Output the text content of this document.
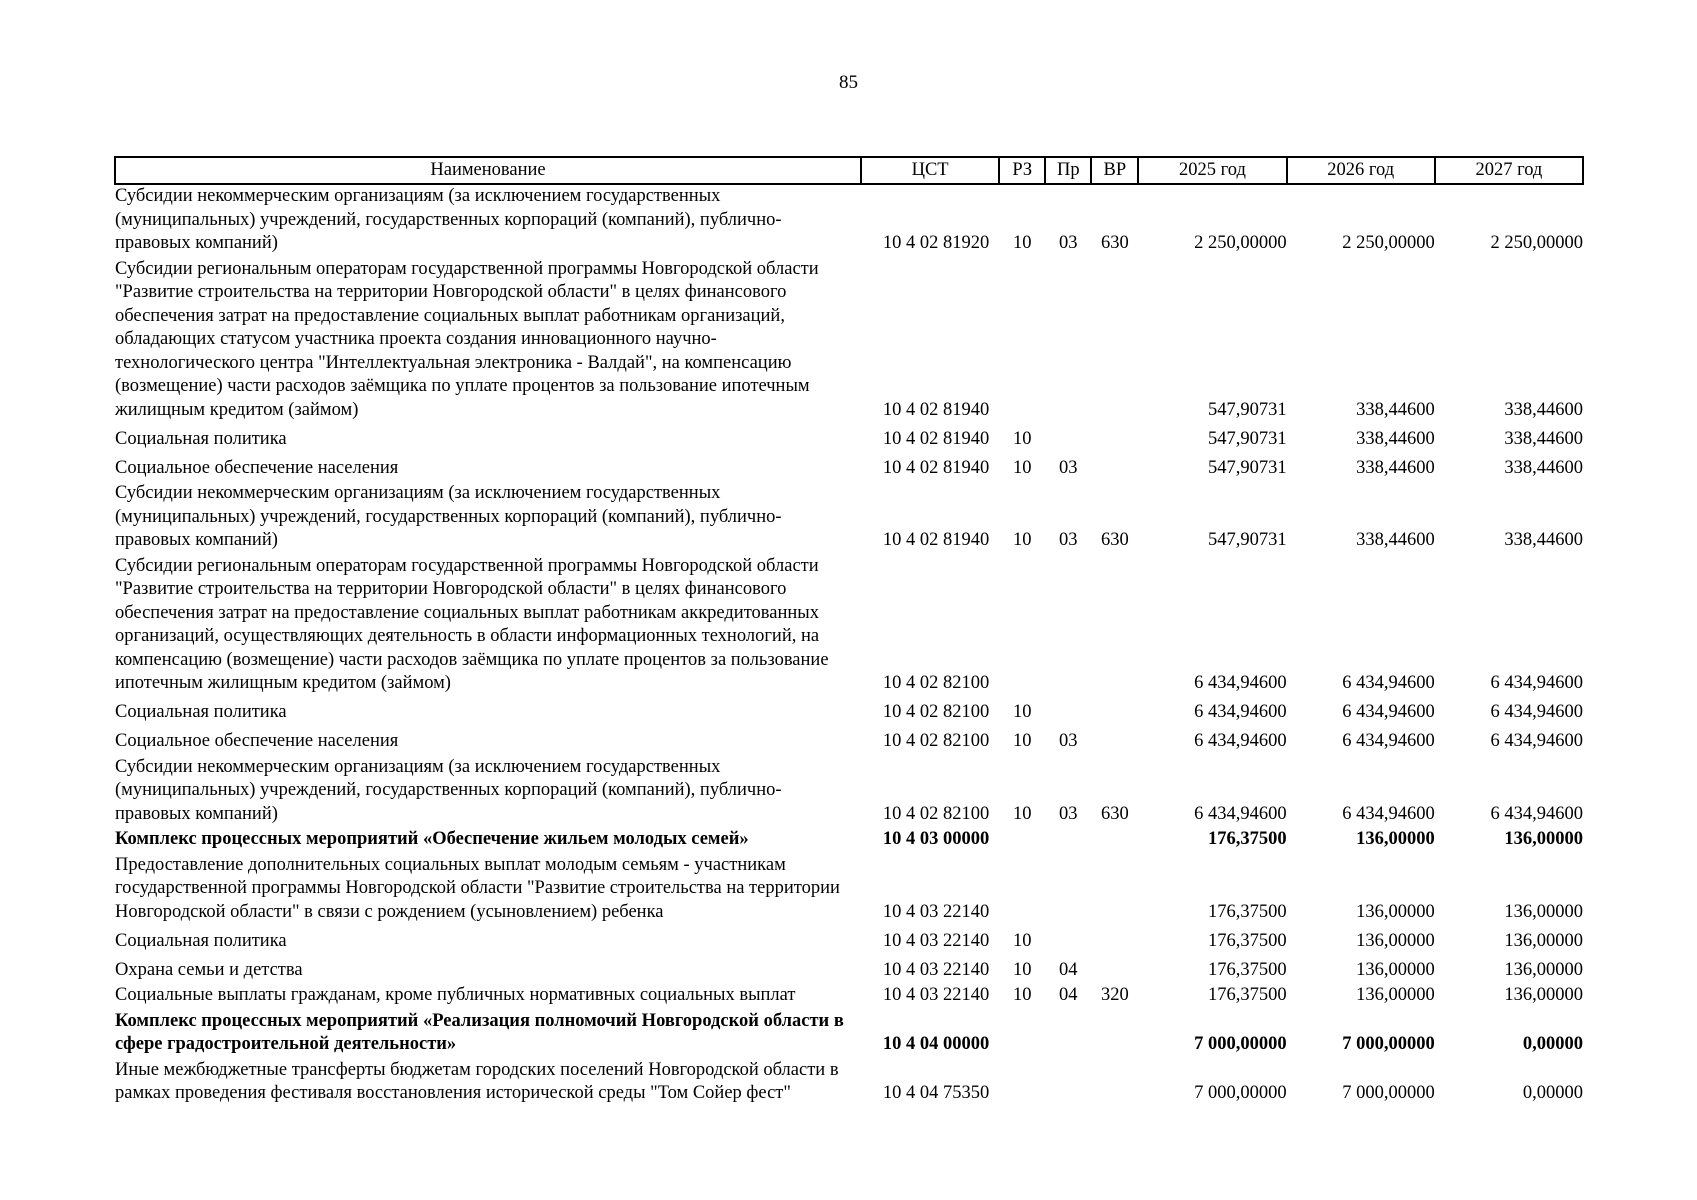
85
Наименование	ЦСТ	РЗ	Пр	ВР	2025 год	2026 год	2027 год
Субсидии некоммерческим организациям (за исключением государственных (муниципальных) учреждений, государственных корпораций (компаний), публично-правовых компаний)	10 4 02 81920	10	03	630	2 250,00000	2 250,00000	2 250,00000
Субсидии региональным операторам государственной программы Новгородской области "Развитие строительства на территории Новгородской области" в целях финансового обеспечения затрат на предоставление социальных выплат работникам организаций, обладающих статусом участника проекта создания инновационного научно-технологического центра "Интеллектуальная электроника - Валдай", на компенсацию (возмещение) части расходов заёмщика по уплате процентов за пользование ипотечным жилищным кредитом (займом)	10 4 02 81940				547,90731	338,44600	338,44600
Социальная политика	10 4 02 81940	10			547,90731	338,44600	338,44600
Социальное обеспечение населения	10 4 02 81940	10	03		547,90731	338,44600	338,44600
Субсидии некоммерческим организациям (за исключением государственных (муниципальных) учреждений, государственных корпораций (компаний), публично-правовых компаний)	10 4 02 81940	10	03	630	547,90731	338,44600	338,44600
Субсидии региональным операторам государственной программы Новгородской области "Развитие строительства на территории Новгородской области" в целях финансового обеспечения затрат на предоставление социальных выплат работникам аккредитованных организаций, осуществляющих деятельность в области информационных технологий, на компенсацию (возмещение) части расходов заёмщика по уплате процентов за пользование ипотечным жилищным кредитом (займом)	10 4 02 82100				6 434,94600	6 434,94600	6 434,94600
Социальная политика	10 4 02 82100	10			6 434,94600	6 434,94600	6 434,94600
Социальное обеспечение населения	10 4 02 82100	10	03		6 434,94600	6 434,94600	6 434,94600
Субсидии некоммерческим организациям (за исключением государственных (муниципальных) учреждений, государственных корпораций (компаний), публично-правовых компаний)	10 4 02 82100	10	03	630	6 434,94600	6 434,94600	6 434,94600
Комплекс процессных мероприятий «Обеспечение жильем молодых семей»	10 4 03 00000				176,37500	136,00000	136,00000
Предоставление дополнительных социальных выплат молодым семьям - участникам государственной программы Новгородской области "Развитие строительства на территории Новгородской области" в связи с рождением (усыновлением) ребенка	10 4 03 22140				176,37500	136,00000	136,00000
Социальная политика	10 4 03 22140	10			176,37500	136,00000	136,00000
Охрана семьи и детства	10 4 03 22140	10	04		176,37500	136,00000	136,00000
Социальные выплаты гражданам, кроме публичных нормативных социальных выплат	10 4 03 22140	10	04	320	176,37500	136,00000	136,00000
Комплекс процессных мероприятий «Реализация полномочий Новгородской области в сфере градостроительной деятельности»	10 4 04 00000				7 000,00000	7 000,00000	0,00000
Иные межбюджетные трансферты бюджетам городских поселений Новгородской области в рамках проведения фестиваля восстановления исторической среды "Том Сойер фест"	10 4 04 75350				7 000,00000	7 000,00000	0,00000
